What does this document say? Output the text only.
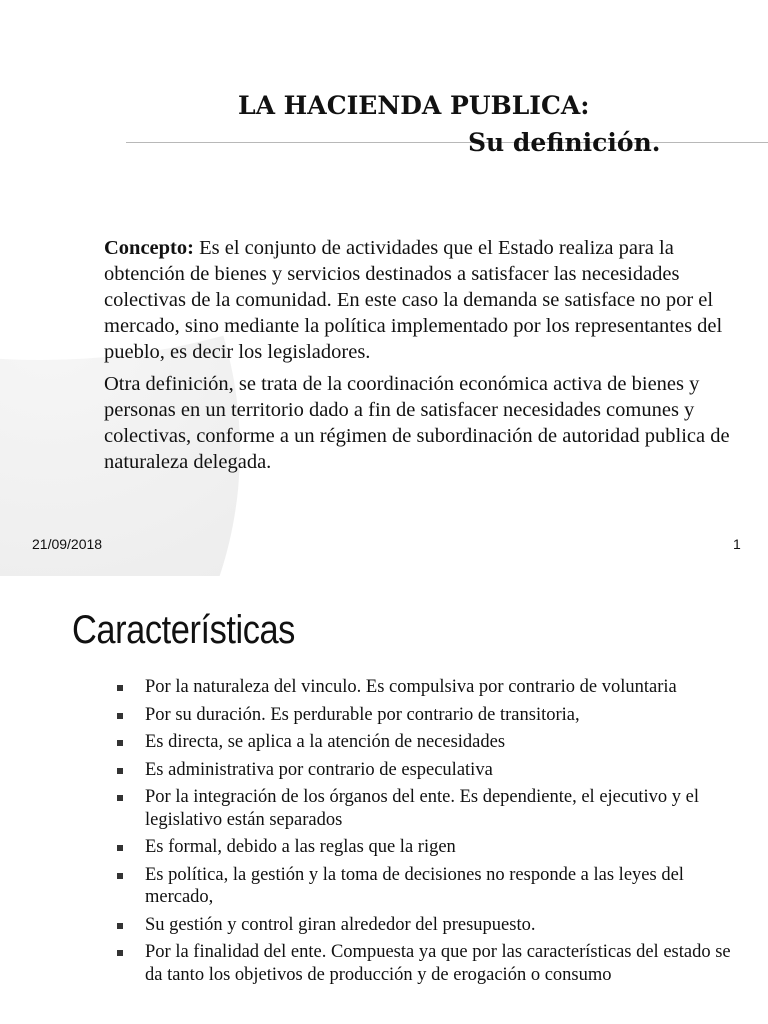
LA HACIENDA PUBLICA:
Su definición.

Concepto: Es el conjunto de actividades que el Estado realiza para la obtención de bienes y servicios destinados a satisfacer las necesidades colectivas de la comunidad. En este caso la demanda se satisface no por el mercado, sino mediante la política implementado por los representantes del pueblo, es decir los legisladores.

Otra definición, se trata de la coordinación económica activa de bienes y personas en un territorio dado a fin de satisfacer necesidades comunes y colectivas, conforme a un régimen de subordinación de autoridad publica de naturaleza delegada.

21/09/2018	1
Características
Por la naturaleza del vinculo. Es compulsiva por contrario de voluntaria
Por su duración. Es perdurable por contrario de transitoria,
Es directa, se aplica a la atención de necesidades
Es administrativa por contrario de especulativa
Por la integración de los órganos del ente. Es dependiente, el ejecutivo y el legislativo están separados
Es formal, debido a las reglas que la rigen
Es política, la gestión y la toma de decisiones no responde a las leyes del mercado,
Su gestión y control giran alrededor del presupuesto.
Por la finalidad del ente. Compuesta ya que por las características del estado se da tanto los objetivos de producción y de erogación o consumo
